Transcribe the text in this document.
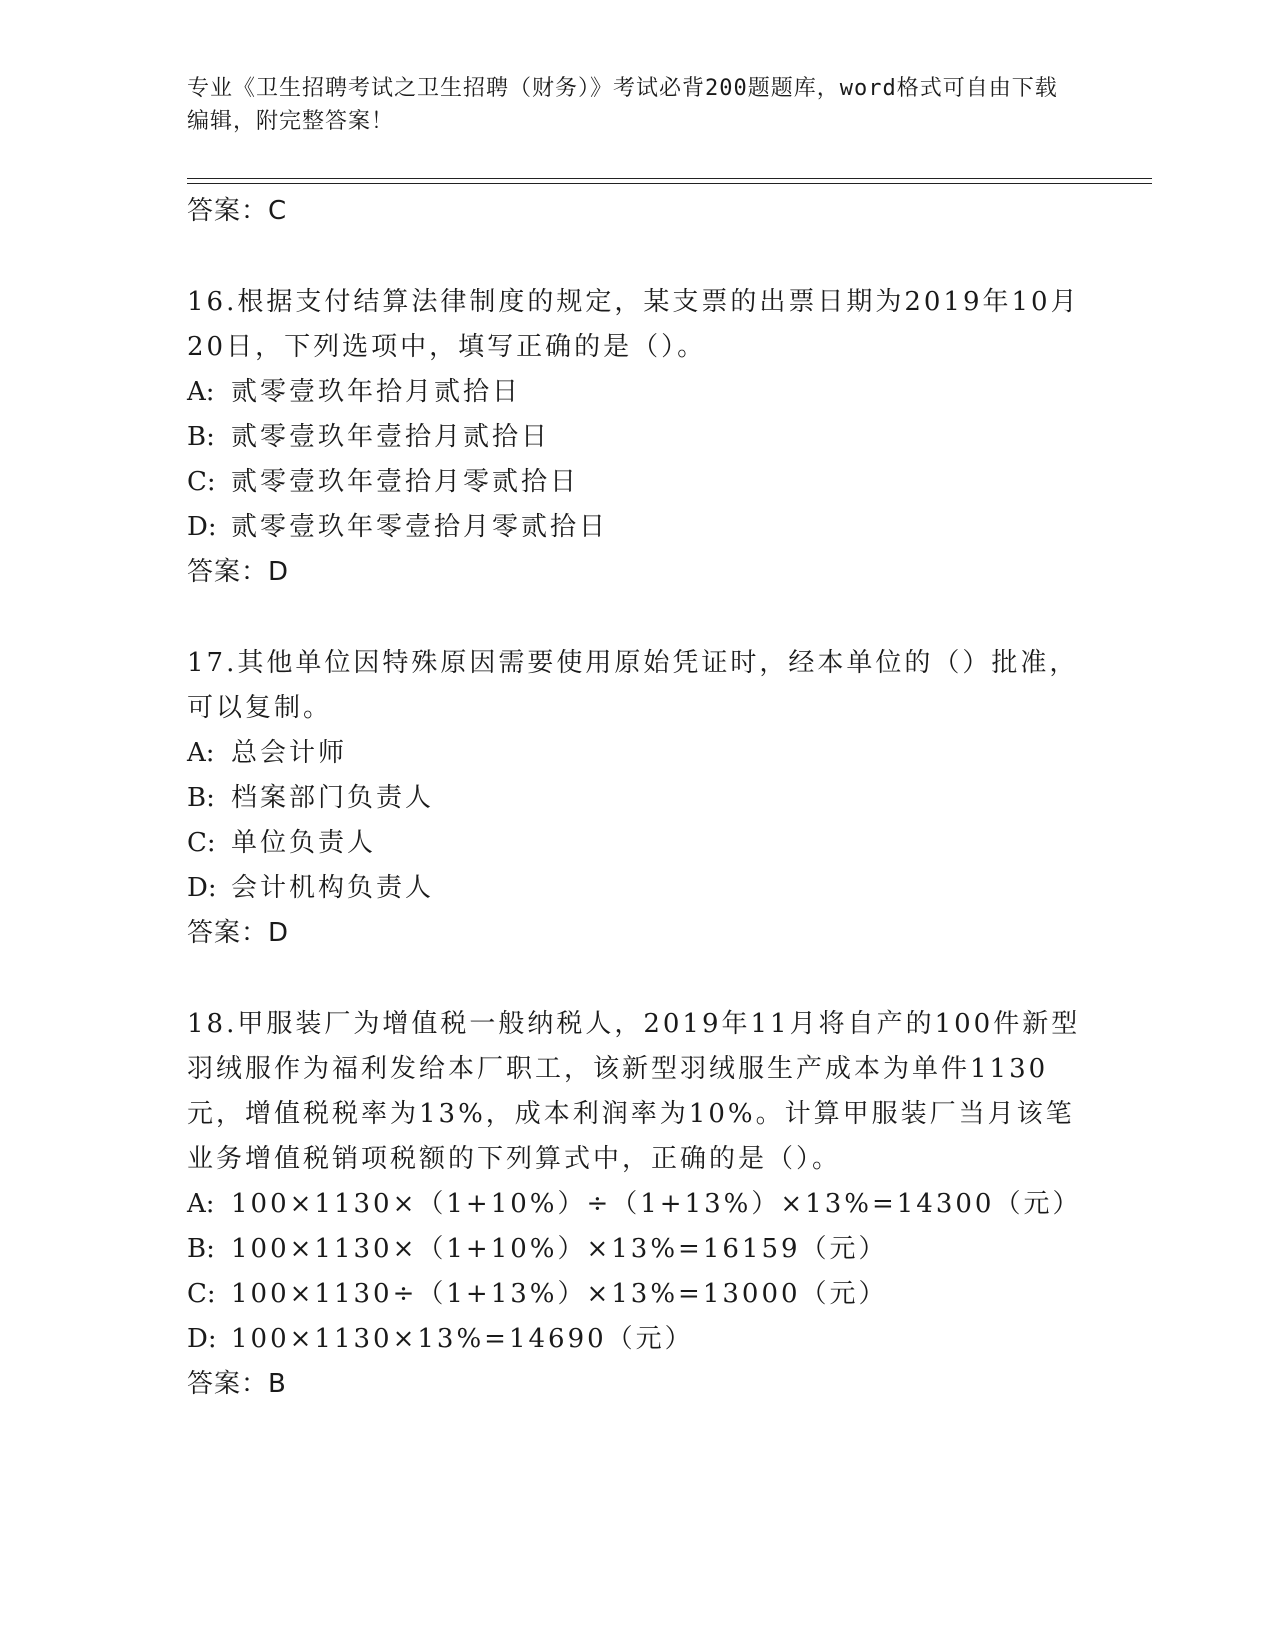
专业《卫生招聘考试之卫生招聘（财务）》考试必背200题题库，word格式可自由下载编辑，附完整答案！
答案：C
16.根据支付结算法律制度的规定，某支票的出票日期为2019年10月20日，下列选项中，填写正确的是（）。
A: 贰零壹玖年拾月贰拾日
B: 贰零壹玖年壹拾月贰拾日
C: 贰零壹玖年壹拾月零贰拾日
D: 贰零壹玖年零壹拾月零贰拾日
答案：D
17.其他单位因特殊原因需要使用原始凭证时，经本单位的（）批准，可以复制。
A: 总会计师
B: 档案部门负责人
C: 单位负责人
D: 会计机构负责人
答案：D
18.甲服装厂为增值税一般纳税人，2019年11月将自产的100件新型羽绒服作为福利发给本厂职工，该新型羽绒服生产成本为单件1130元，增值税税率为13%，成本利润率为10%。计算甲服装厂当月该笔业务增值税销项税额的下列算式中，正确的是（）。
A: 100×1130×（1+10%）÷（1+13%）×13%=14300（元）
B: 100×1130×（1+10%）×13%=16159（元）
C: 100×1130÷（1+13%）×13%=13000（元）
D: 100×1130×13%=14690（元）
答案：B
